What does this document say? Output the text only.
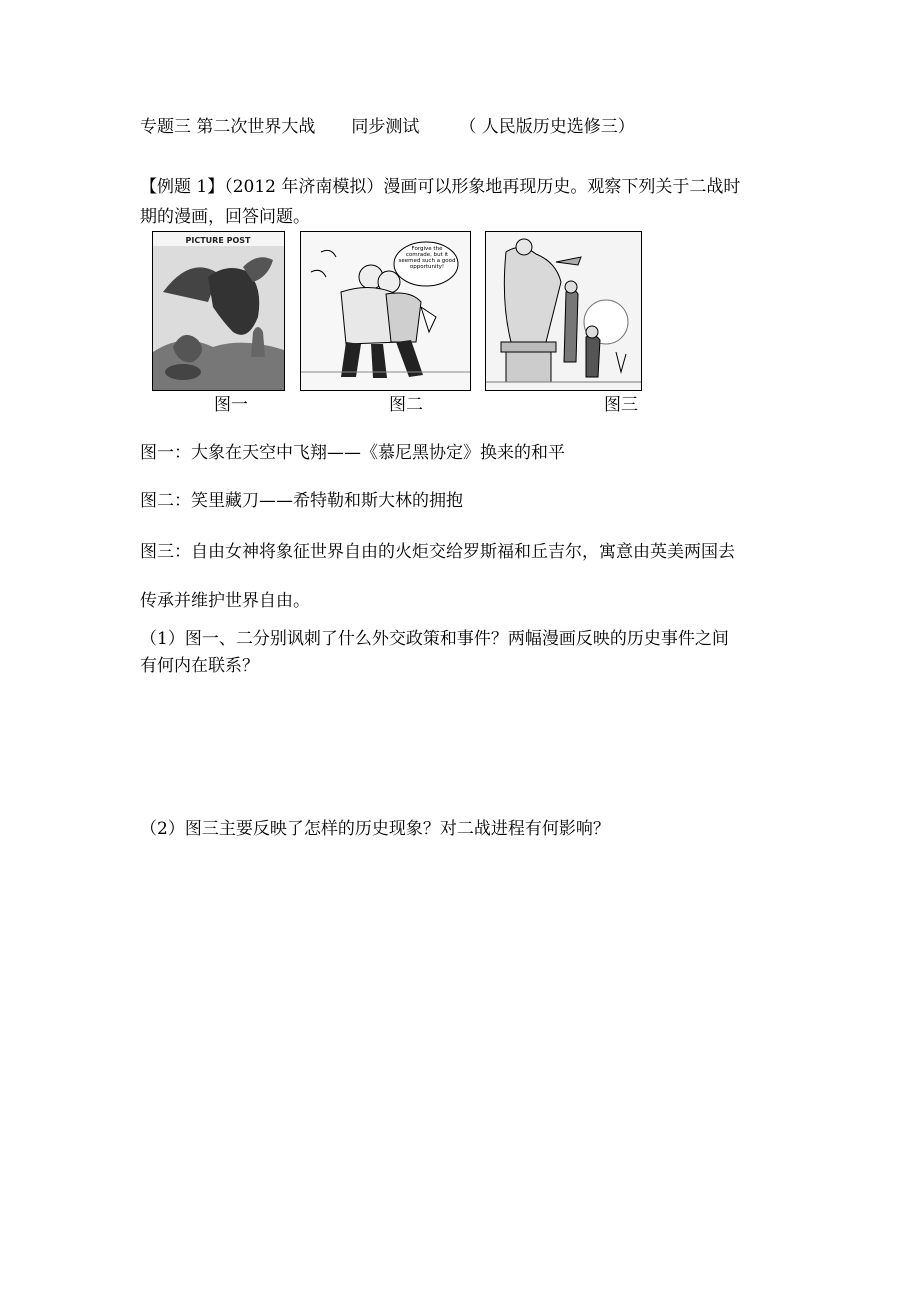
专题三 第二次世界大战 同步测试 （ 人民版历史选修三）
【例题 1】（2012 年济南模拟）漫画可以形象地再现历史。观察下列关于二战时
期的漫画，回答问题。
PICTURE POST
Forgive the comrade, but it seemed such a good opportunity!
图一	图二	图三
图一：大象在天空中飞翔——《慕尼黑协定》换来的和平
图二：笑里藏刀——希特勒和斯大林的拥抱
图三：自由女神将象征世界自由的火炬交给罗斯福和丘吉尔，寓意由英美两国去
传承并维护世界自由。
（1）图一、二分别讽刺了什么外交政策和事件？两幅漫画反映的历史事件之间
有何内在联系？
（2）图三主要反映了怎样的历史现象？对二战进程有何影响？
